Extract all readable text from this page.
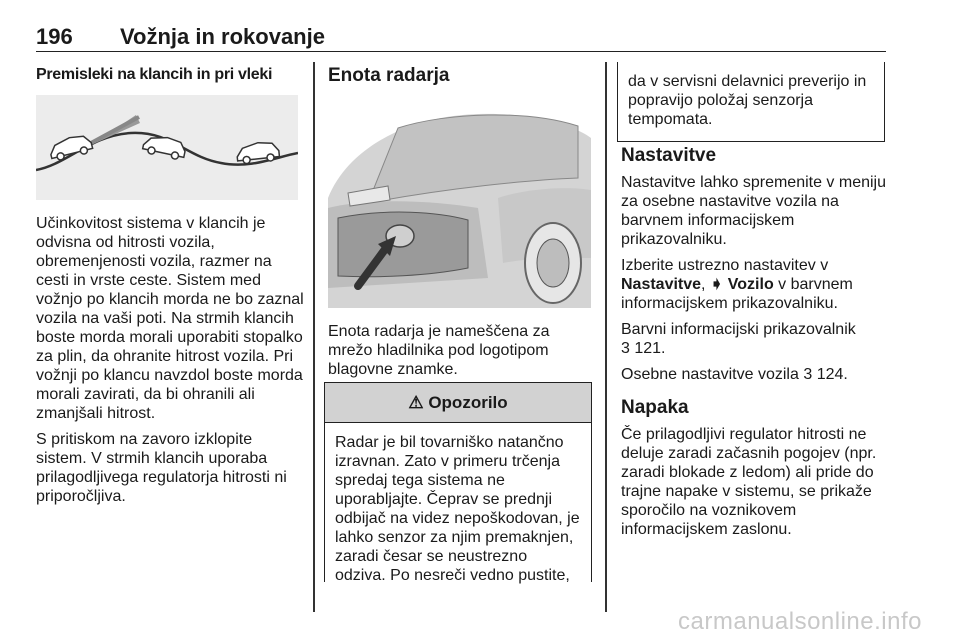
196 Vožnja in rokovanje
Premisleki na klancih in pri vleki

Učinkovitost sistema v klancih je odvisna od hitrosti vozila, obremenjenosti vozila, razmer na cesti in vrste ceste. Sistem med vožnjo po klancih morda ne bo zaznal vozila na vaši poti. Na strmih klancih boste morda morali uporabiti stopalko za plin, da ohranite hitrost vozila. Pri vožnji po klancu navzdol boste morda morali zavirati, da bi ohranili ali zmanjšali hitrost.

S pritiskom na zavoro izklopite sistem. V strmih klancih uporaba prilagodljivega regulatorja hitrosti ni priporočljiva.

Enota radarja

Enota radarja je nameščena za mrežo hladilnika pod logotipom blagovne znamke.

⚠ Opozorilo
Radar je bil tovarniško natančno izravnan. Zato v primeru trčenja spredaj tega sistema ne uporabljajte. Čeprav se prednji odbijač na videz nepoškodovan, je lahko senzor za njim premaknjen, zaradi česar se neustrezno odziva. Po nesreči vedno pustite,
da v servisni delavnici preverijo in popravijo položaj senzorja tempomata.
Nastavitve

Nastavitve lahko spremenite v meniju za osebne nastavitve vozila na barvnem informacijskem prikazovalniku.

Izberite ustrezno nastavitev v
Nastavitve, ➧ Vozilo v barvnem informacijskem prikazovalniku.

Barvni informacijski prikazovalnik
3 121.

Osebne nastavitve vozila 3 124.

Napaka

Če prilagodljivi regulator hitrosti ne deluje zaradi začasnih pogojev (npr. zaradi blokade z ledom) ali pride do trajne napake v sistemu, se prikaže sporočilo na voznikovem informacijskem zaslonu.

carmanualsonline.info
